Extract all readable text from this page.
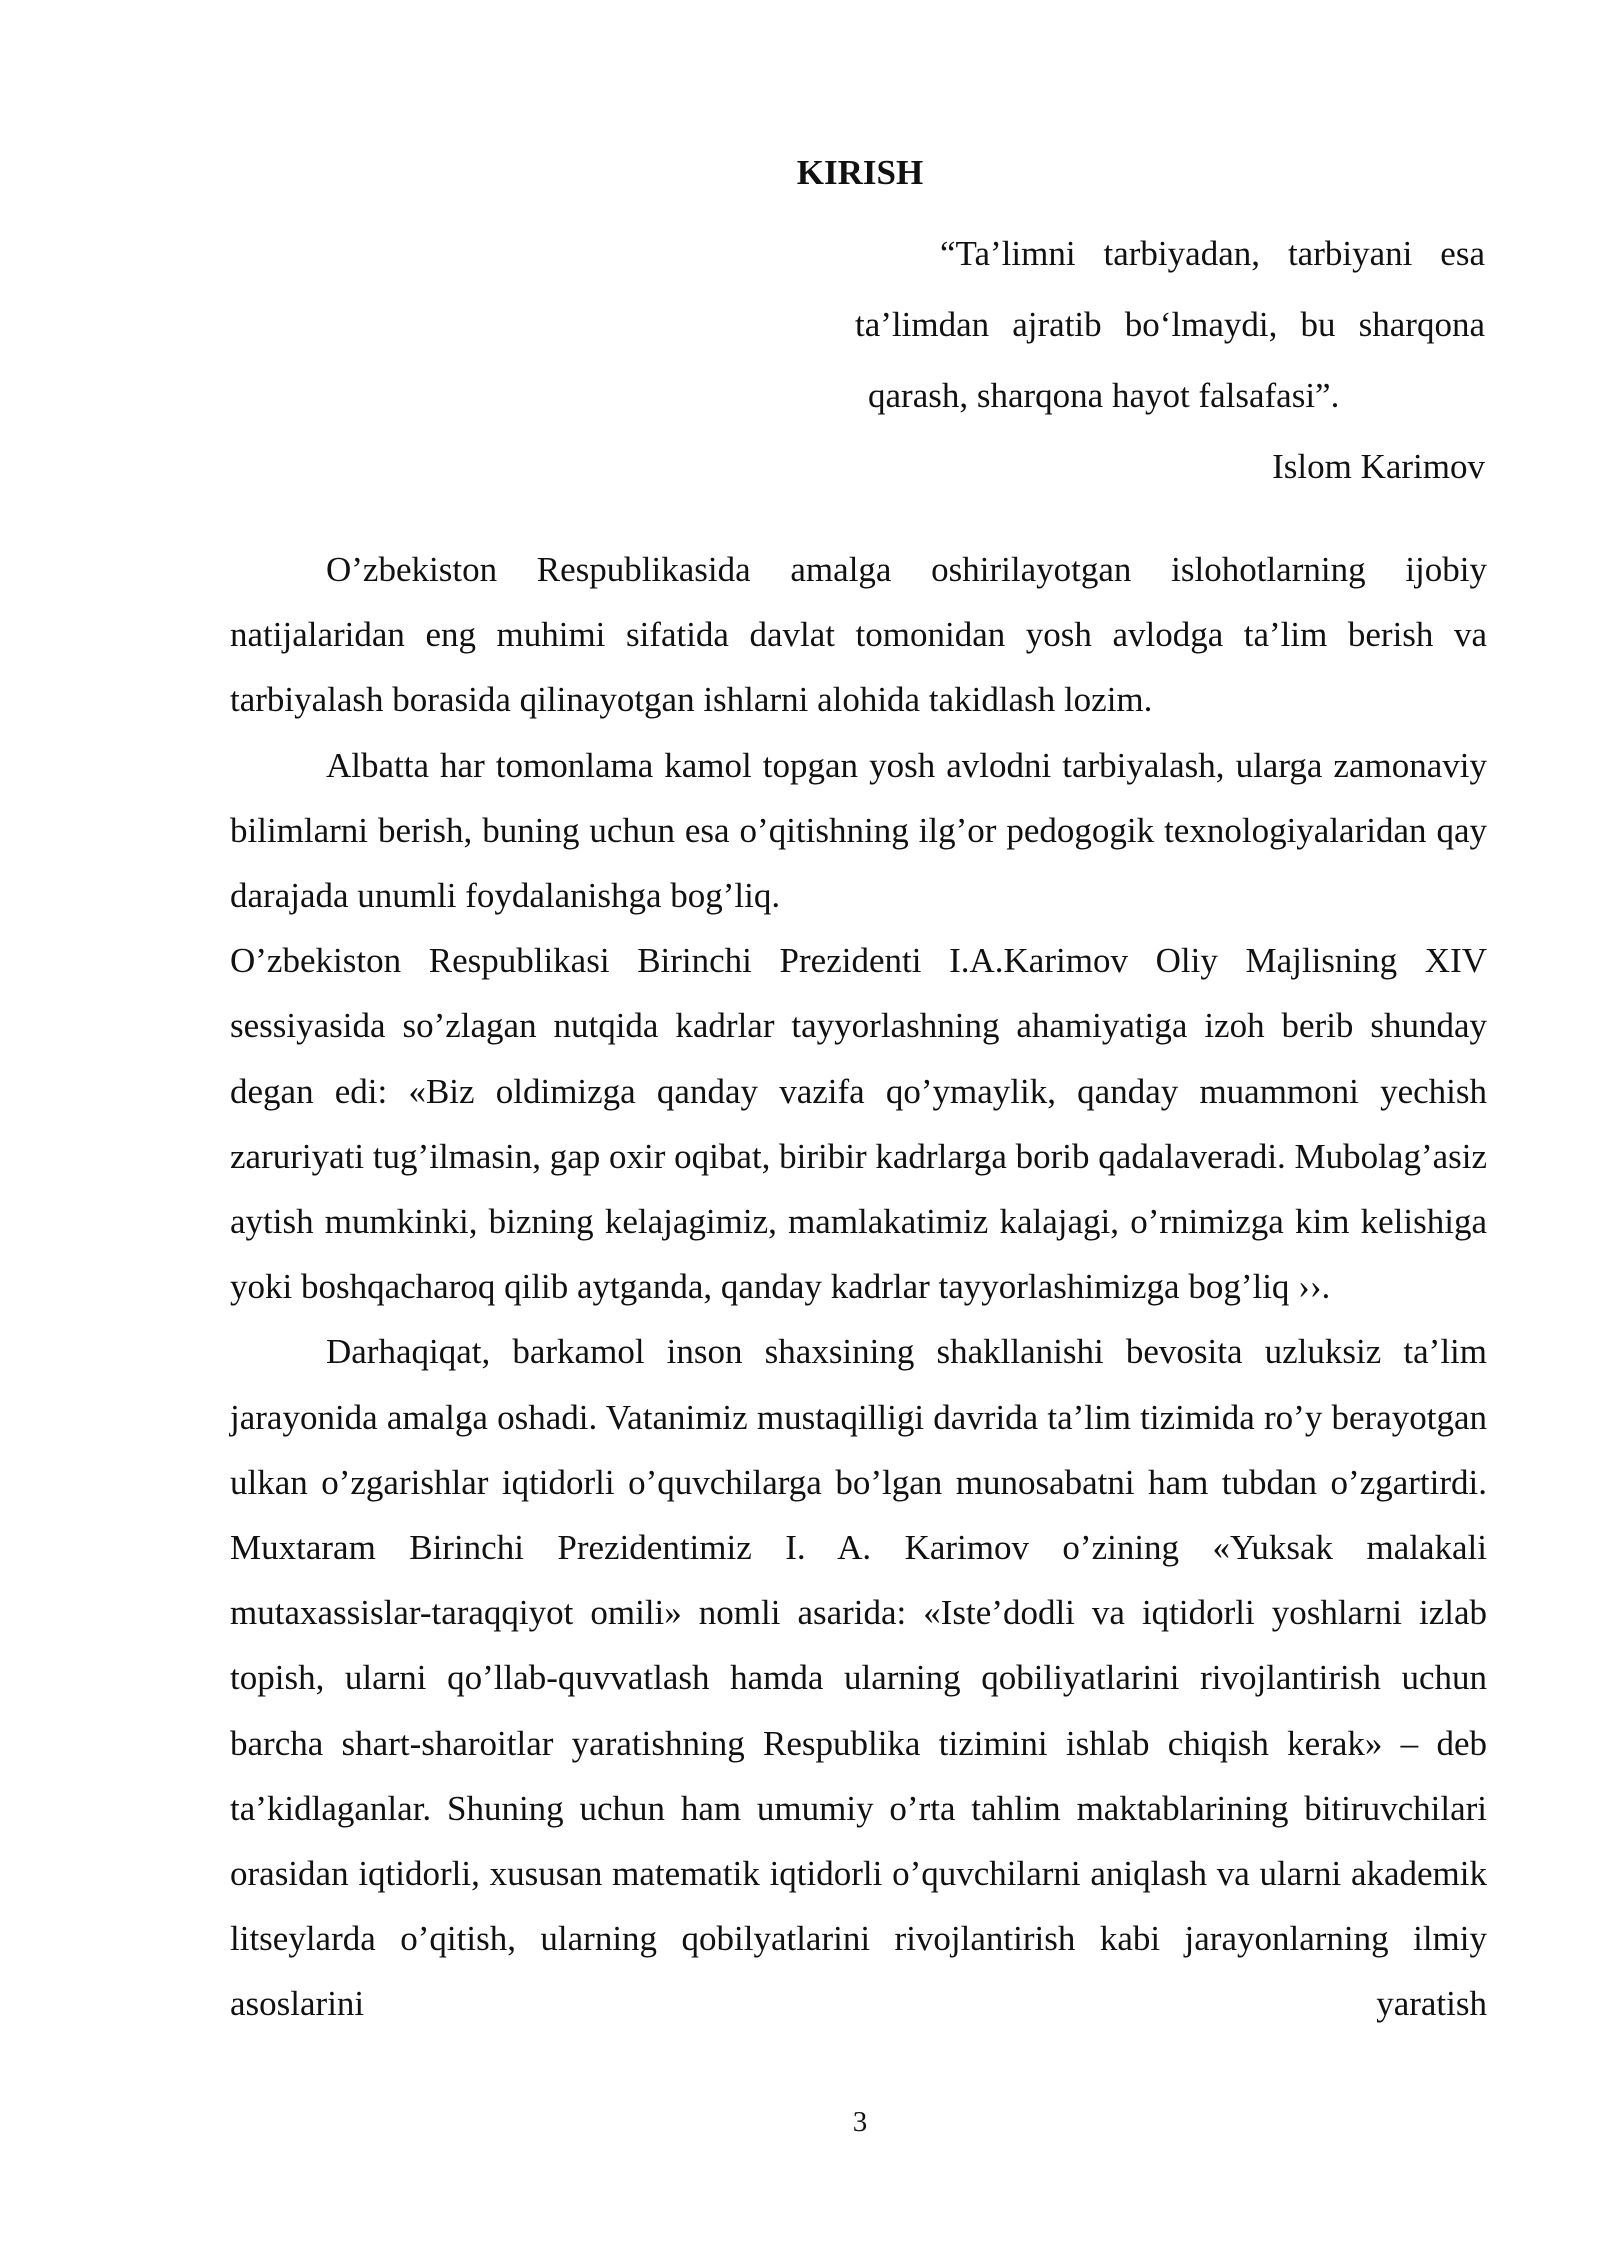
KIRISH
“Ta’limni tarbiyadan, tarbiyani esa
ta’limdan ajratib bo‘lmaydi, bu sharqona
qarash, sharqona hayot falsafasi”.
Islom Karimov

O’zbekiston Respublikasida amalga oshirilayotgan islohotlarning ijobiy natijalaridan eng muhimi sifatida davlat tomonidan yosh avlodga ta’lim berish va tarbiyalash borasida qilinayotgan ishlarni alohida takidlash lozim.

Albatta har tomonlama kamol topgan yosh avlodni tarbiyalash, ularga zamonaviy bilimlarni berish, buning uchun esa o’qitishning ilg’or pedogogik texnologiyalaridan qay darajada unumli foydalanishga bog’liq.

O’zbekiston Respublikasi Birinchi Prezidenti I.A.Karimov Oliy Majlisning XIV sessiyasida so’zlagan nutqida kadrlar tayyorlashning ahamiyatiga izoh berib shunday degan edi: «Biz oldimizga qanday vazifa qo’ymaylik, qanday muammoni yechish zaruriyati tug’ilmasin, gap oxir oqibat, biribir kadrlarga borib qadalaveradi. Mubolag’asiz aytish mumkinki, bizning kelajagimiz, mamlakatimiz kalajagi, o’rnimizga kim kelishiga yoki boshqacharoq qilib aytganda, qanday kadrlar tayyorlashimizga bog’liq ››.

Darhaqiqat, barkamol inson shaxsining shakllanishi bevosita uzluksiz ta’lim jarayonida amalga oshadi. Vatanimiz mustaqilligi davrida ta’lim tizimida ro’y berayotgan ulkan o’zgarishlar iqtidorli o’quvchilarga bo’lgan munosabatni ham tubdan o’zgartirdi. Muxtaram Birinchi Prezidentimiz I. A. Karimov o’zining «Yuksak malakali mutaxassislar-taraqqiyot omili» nomli asarida: «Iste’dodli va iqtidorli yoshlarni izlab topish, ularni qo’llab-quvvatlash hamda ularning qobiliyatlarini rivojlantirish uchun barcha shart-sharoitlar yaratishning Respublika tizimini ishlab chiqish kerak» – deb ta’kidlaganlar. Shuning uchun ham umumiy o’rta tahlim maktablarining bitiruvchilari orasidan iqtidorli, xususan matematik iqtidorli o’quvchilarni aniqlash va ularni akademik litseylarda o’qitish, ularning qobilyatlarini rivojlantirish kabi jarayonlarning ilmiy asoslarini yaratish

3
